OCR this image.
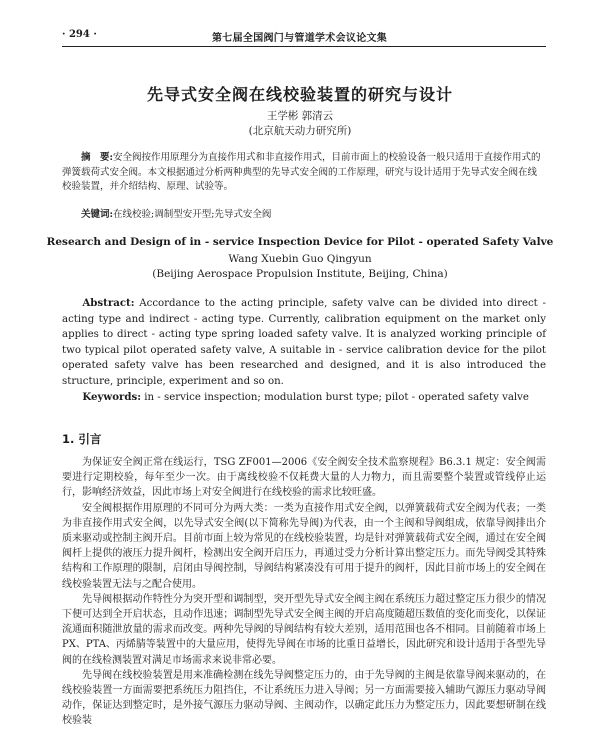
· 294 ·	第七届全国阀门与管道学术会议论文集
先导式安全阀在线校验装置的研究与设计
王学彬 郭清云
(北京航天动力研究所)

摘　要:安全阀按作用原理分为直接作用式和非直接作用式，目前市面上的校验设备一般只适用于直接作用式的弹簧载荷式安全阀。本文根据通过分析两种典型的先导式安全阀的工作原理，研究与设计适用于先导式安全阀在线校验装置，并介绍结构、原理、试验等。

关键词:在线校验;调制型安开型;先导式安全阀

Research and Design of in - service Inspection Device for Pilot - operated Safety Valve
Wang Xuebin Guo Qingyun
(Beijing Aerospace Propulsion Institute, Beijing, China)

Abstract: Accordance to the acting principle, safety valve can be divided into direct - acting type and indirect - acting type. Currently, calibration equipment on the market only applies to direct - acting type spring loaded safety valve. It is analyzed working principle of two typical pilot operated safety valve, A suitable in - service calibration device for the pilot operated safety valve has been researched and designed, and it is also introduced the structure, principle, experiment and so on.

Keywords: in - service inspection; modulation burst type; pilot - operated safety valve

1. 引言

为保证安全阀正常在线运行，TSG ZF001—2006《安全阀安全技术监察规程》B6.3.1 规定：安全阀需要进行定期校验，每年至少一次。由于离线校验不仅耗费大量的人力物力，而且需要整个装置或管线停止运行，影响经济效益，因此市场上对安全阀进行在线校验的需求比较旺盛。

安全阀根据作用原理的不同可分为两大类：一类为直接作用式安全阀，以弹簧载荷式安全阀为代表；一类为非直接作用式安全阀，以先导式安全阀(以下简称先导阀)为代表，由一个主阀和导阀组成，依靠导阀排出介质来驱动或控制主阀开启。目前市面上较为常见的在线校验装置，均是针对弹簧载荷式安全阀，通过在安全阀阀杆上提供的液压力提升阀杆，检测出安全阀开启压力，再通过受力分析计算出整定压力。而先导阀受其特殊结构和工作原理的限制，启闭由导阀控制，导阀结构紧凑没有可用于提升的阀杆，因此目前市场上的安全阀在线校验装置无法与之配合使用。

先导阀根据动作特性分为突开型和调制型，突开型先导式安全阀主阀在系统压力超过整定压力很少的情况下便可达到全开启状态，且动作迅速；调制型先导式安全阀主阀的开启高度随超压数值的变化而变化，以保证流通面积随泄放量的需求而改变。两种先导阀的导阀结构有较大差别，适用范围也各不相同。目前随着市场上PX、PTA、丙烯腈等装置中的大量应用，使得先导阀在市场的比重日益增长，因此研究和设计适用于各型先导阀的在线检测装置对满足市场需求来说非常必要。

先导阀在线校验装置是用来准确检测在线先导阀整定压力的，由于先导阀的主阀是依靠导阀来驱动的，在线校验装置一方面需要把系统压力阻挡住，不让系统压力进入导阀；另一方面需要接入辅助气源压力驱动导阀动作，保证达到整定时，是外接气源压力驱动导阀、主阀动作，以确定此压力为整定压力，因此要想研制在线校验装
